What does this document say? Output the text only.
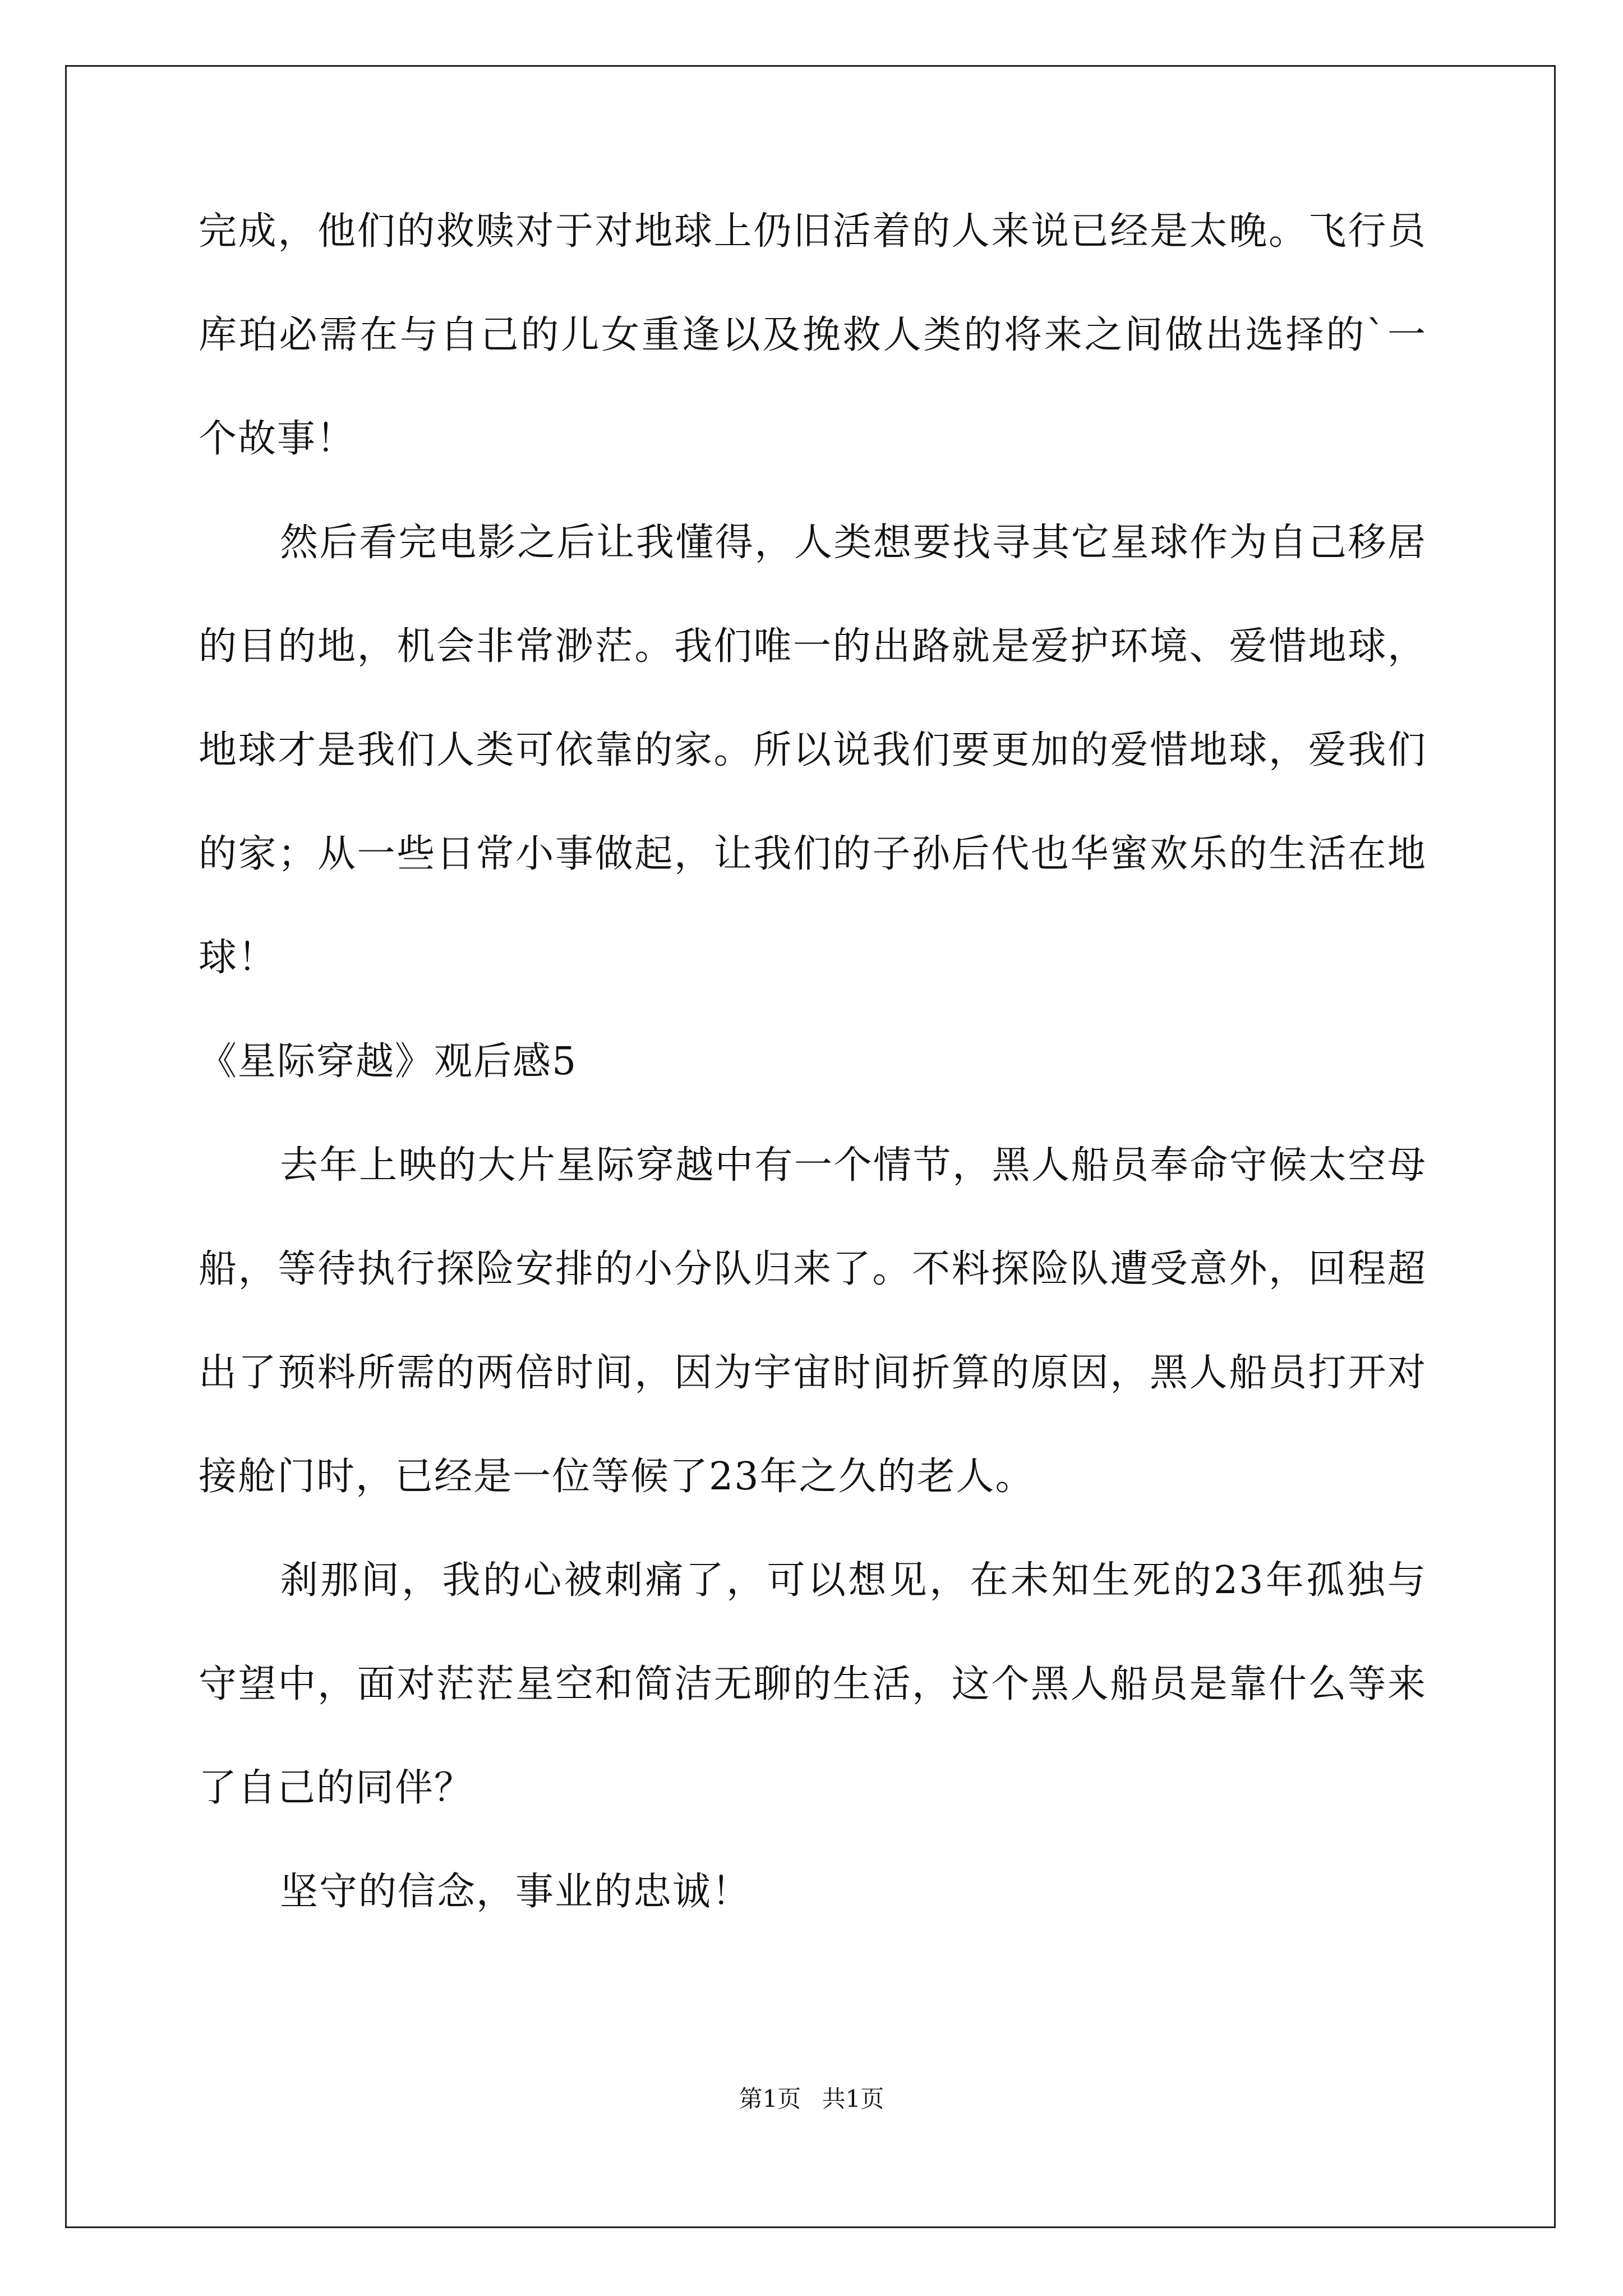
完成，他们的救赎对于对地球上仍旧活着的人来说已经是太晚。飞行员库珀必需在与自己的儿女重逢以及挽救人类的将来之间做出选择的`一个故事！

然后看完电影之后让我懂得，人类想要找寻其它星球作为自己移居的目的地，机会非常渺茫。我们唯一的出路就是爱护环境、爱惜地球，地球才是我们人类可依靠的家。所以说我们要更加的爱惜地球，爱我们的家；从一些日常小事做起，让我们的子孙后代也华蜜欢乐的生活在地球！

《星际穿越》观后感5

去年上映的大片星际穿越中有一个情节，黑人船员奉命守候太空母船，等待执行探险安排的小分队归来了。不料探险队遭受意外，回程超出了预料所需的两倍时间，因为宇宙时间折算的原因，黑人船员打开对接舱门时，已经是一位等候了23年之久的老人。

刹那间，我的心被刺痛了，可以想见，在未知生死的23年孤独与守望中，面对茫茫星空和简洁无聊的生活，这个黑人船员是靠什么等来了自己的同伴？

坚守的信念，事业的忠诚！

第1页 共1页
